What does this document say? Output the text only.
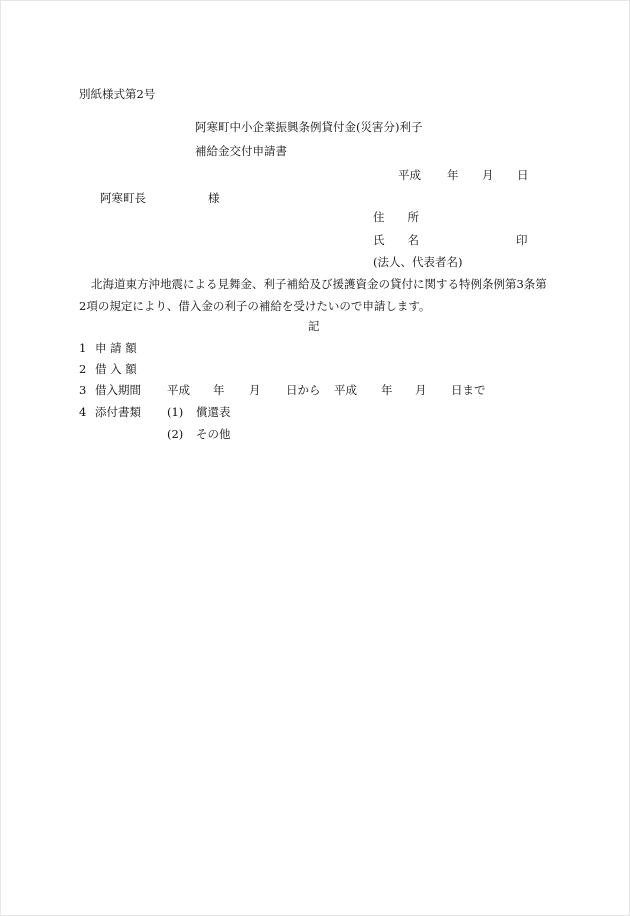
別紙様式第2号
阿寒町中小企業振興条例貸付金(災害分)利子
補給金交付申請書
平成 年 月 日
阿寒町長	様
住　　所
氏　　名	印
(法人、代表者名)
北海道東方沖地震による見舞金、利子補給及び援護資金の貸付に関する特例条例第3条第2項の規定により、借入金の利子の補給を受けたいので申請します。
記
1 申 請 額
2 借 入 額
3 借入期間 平成 年 月 日から 平成 年 月 日まで
4 添付書類 (1) 償還表
(2) その他
